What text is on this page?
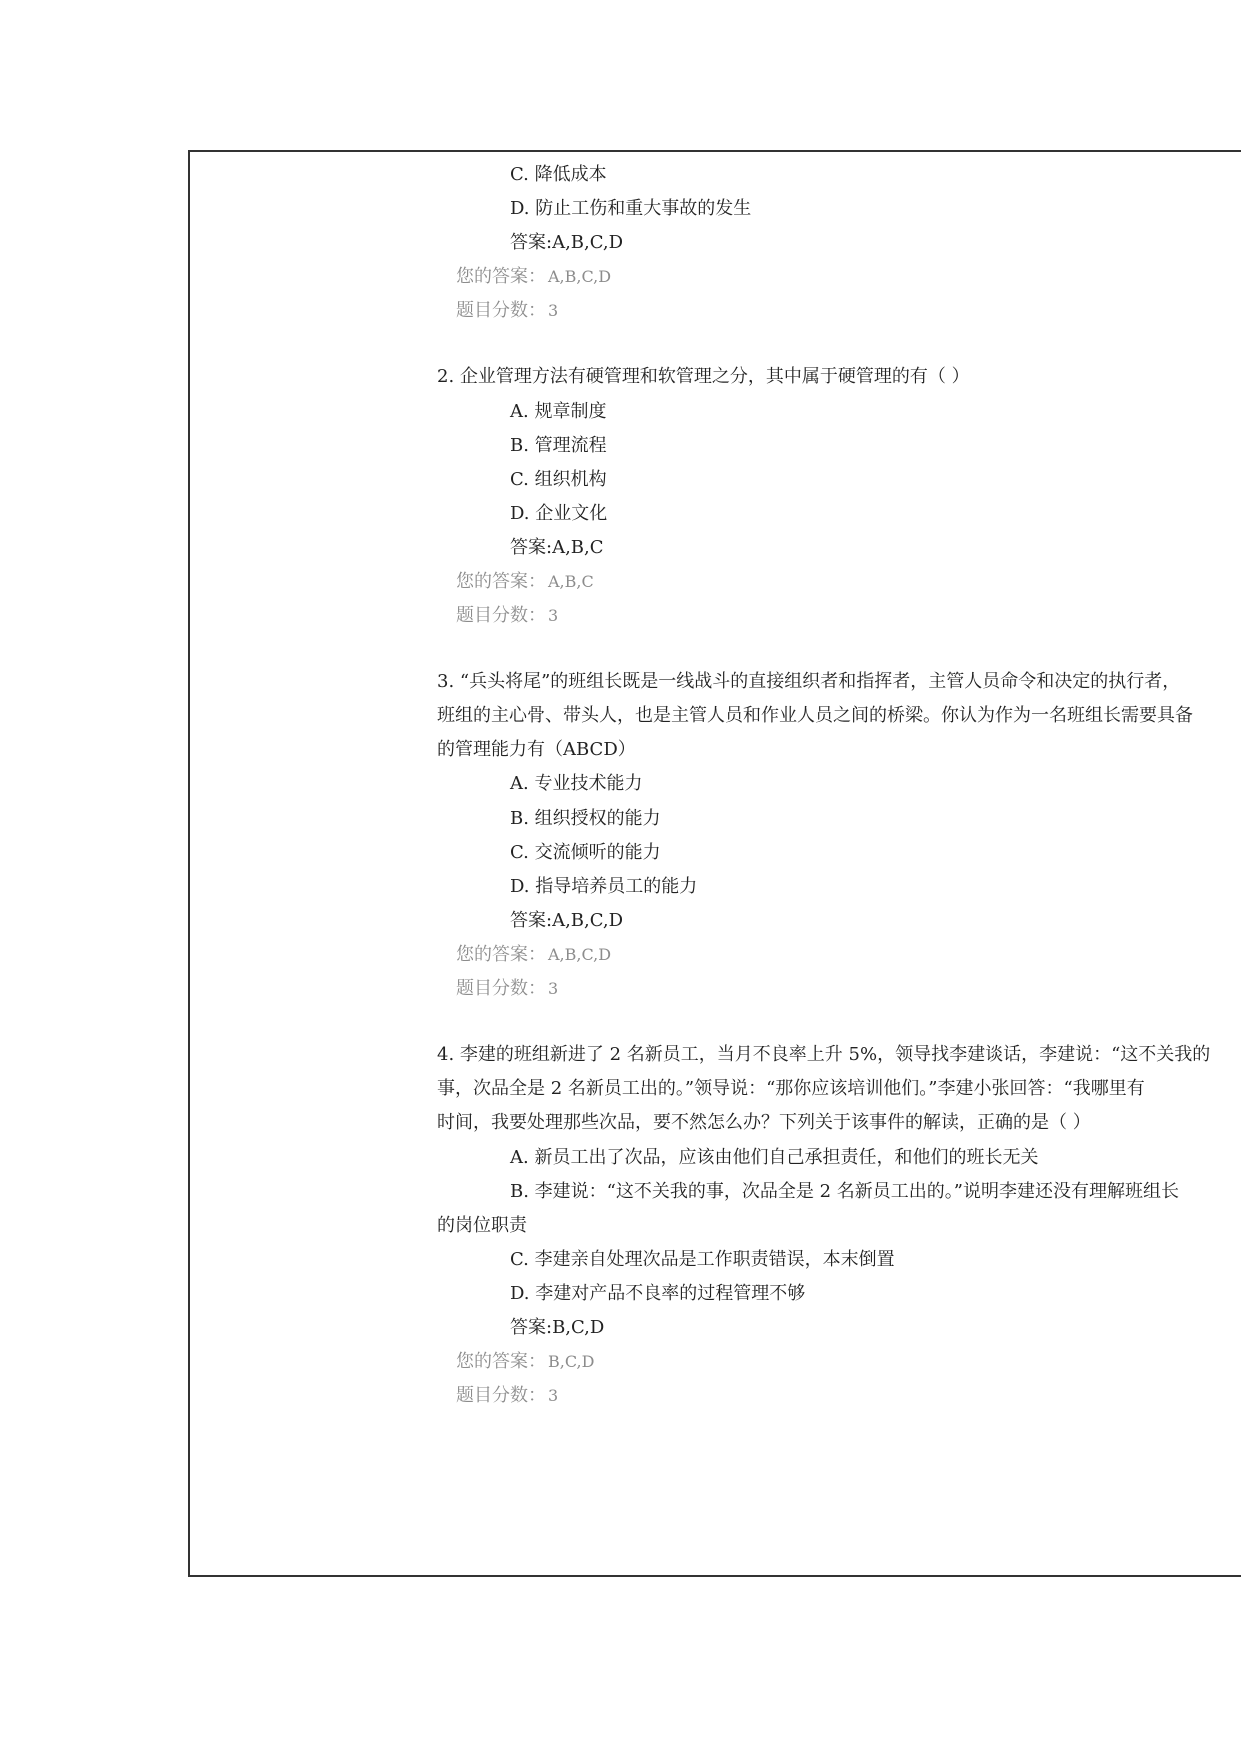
C. 降低成本
D. 防止工伤和重大事故的发生
答案:A,B,C,D
您的答案： A,B,C,D
题目分数： 3
2. 企业管理方法有硬管理和软管理之分，其中属于硬管理的有（ ）
A. 规章制度
B. 管理流程
C. 组织机构
D. 企业文化
答案:A,B,C
您的答案： A,B,C
题目分数： 3
3. “兵头将尾”的班组长既是一线战斗的直接组织者和指挥者，主管人员命令和决定的执行者，
班组的主心骨、带头人，也是主管人员和作业人员之间的桥梁。你认为作为一名班组长需要具备
的管理能力有（ABCD）
A. 专业技术能力
B. 组织授权的能力
C. 交流倾听的能力
D. 指导培养员工的能力
答案:A,B,C,D
您的答案： A,B,C,D
题目分数： 3
4. 李建的班组新进了 2 名新员工，当月不良率上升 5%，领导找李建谈话，李建说：“这不关我的
事，次品全是 2 名新员工出的。”领导说：“那你应该培训他们。”李建小张回答：“我哪里有
时间，我要处理那些次品，要不然怎么办？下列关于该事件的解读，正确的是（ ）
A. 新员工出了次品，应该由他们自己承担责任，和他们的班长无关
B. 李建说：“这不关我的事，次品全是 2 名新员工出的。”说明李建还没有理解班组长
的岗位职责
C. 李建亲自处理次品是工作职责错误，本末倒置
D. 李建对产品不良率的过程管理不够
答案:B,C,D
您的答案： B,C,D
题目分数： 3
